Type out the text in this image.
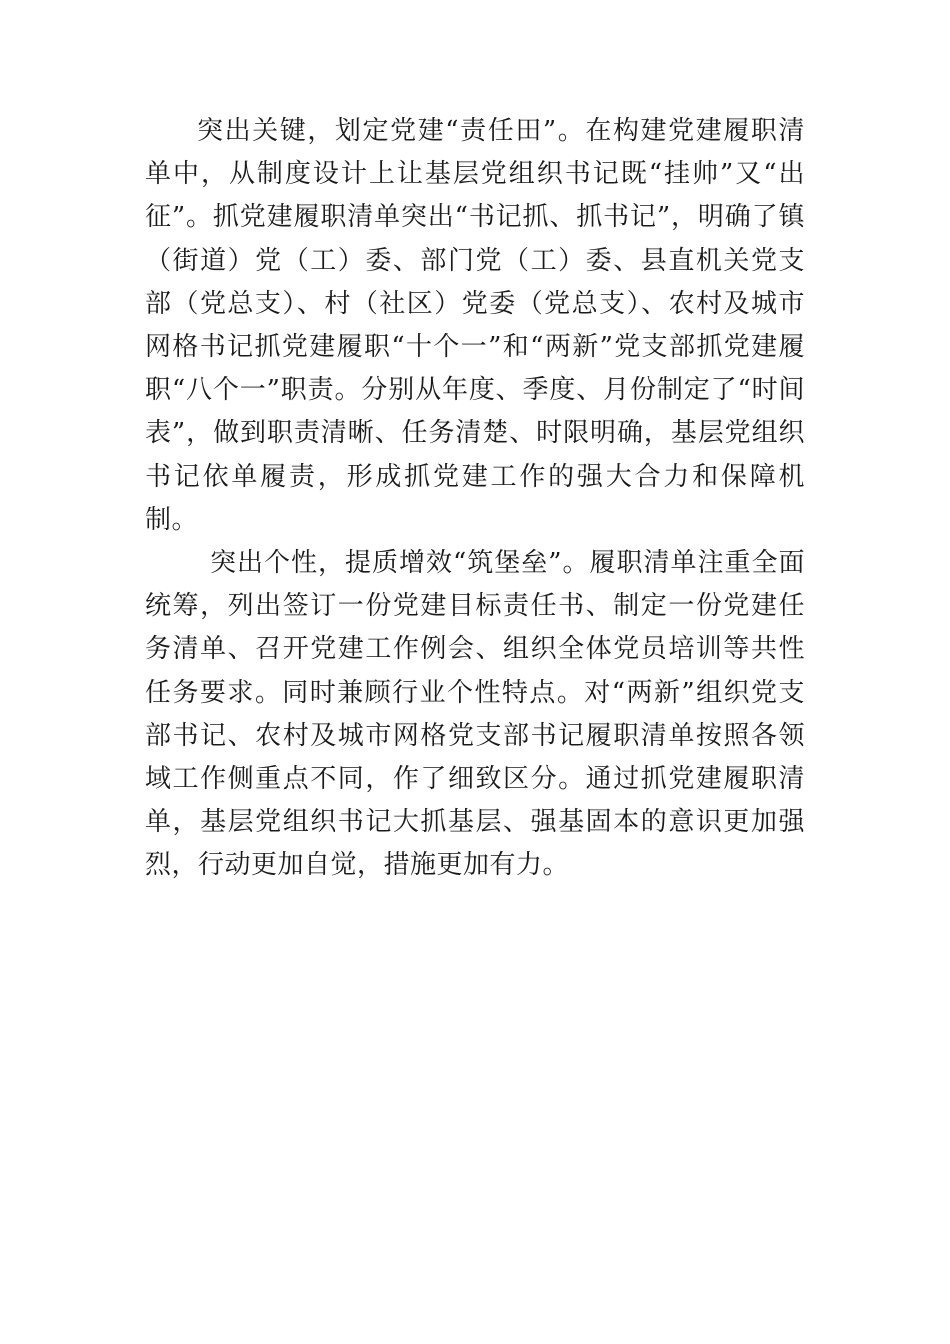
突出关键，划定党建“责任田”。在构建党建履职清单中，从制度设计上让基层党组织书记既“挂帅”又“出征”。抓党建履职清单突出“书记抓、抓书记”，明确了镇（街道）党（工）委、部门党（工）委、县直机关党支部（党总支）、村（社区）党委（党总支）、农村及城市网格书记抓党建履职“十个一”和“两新”党支部抓党建履职“八个一”职责。分别从年度、季度、月份制定了“时间表”，做到职责清晰、任务清楚、时限明确，基层党组织书记依单履责，形成抓党建工作的强大合力和保障机制。

突出个性，提质增效“筑堡垒”。履职清单注重全面统筹，列出签订一份党建目标责任书、制定一份党建任务清单、召开党建工作例会、组织全体党员培训等共性任务要求。同时兼顾行业个性特点。对“两新”组织党支部书记、农村及城市网格党支部书记履职清单按照各领域工作侧重点不同，作了细致区分。通过抓党建履职清单，基层党组织书记大抓基层、强基固本的意识更加强烈，行动更加自觉，措施更加有力。
